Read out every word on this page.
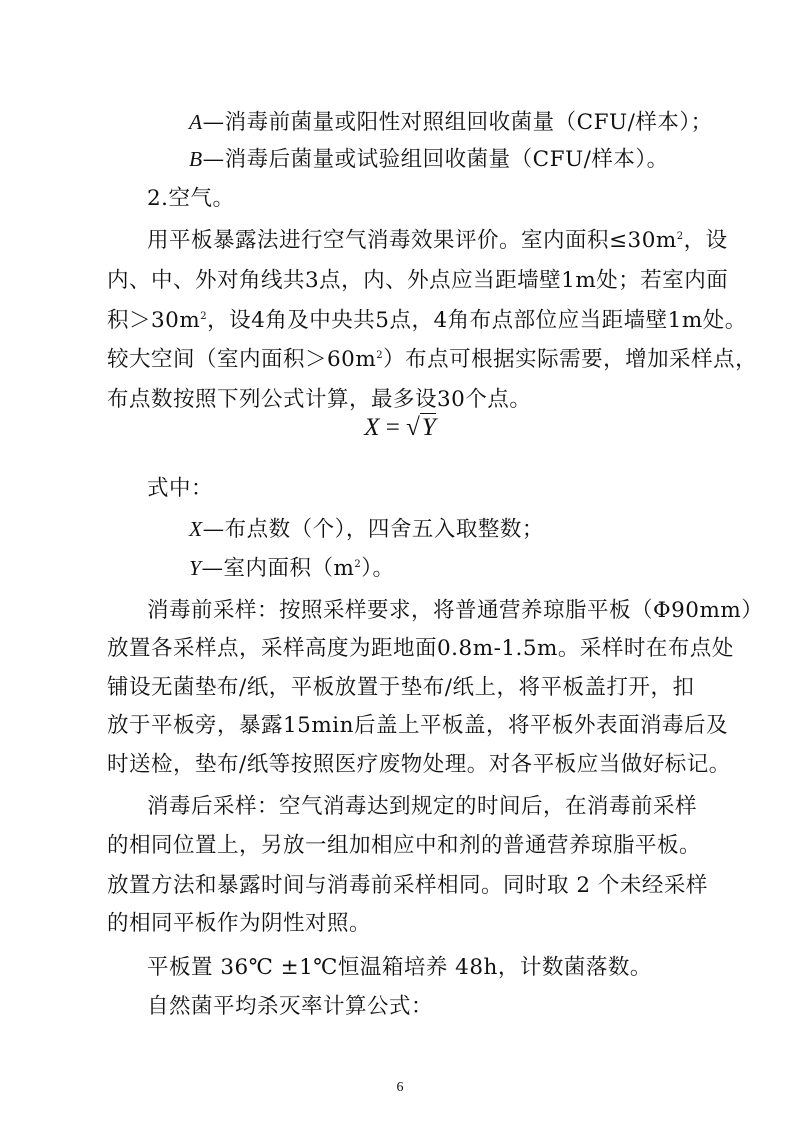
A—消毒前菌量或阳性对照组回收菌量（CFU/样本）；
B—消毒后菌量或试验组回收菌量（CFU/样本）。
2.空气。
用平板暴露法进行空气消毒效果评价。室内面积$\le 30m^2$，设
内、中、外对角线共3点，内、外点应当距墙壁1m处；若室内面
积$>30m^2$，设4角及中央共5点，4角布点部位应当距墙壁1m处。
较大空间（室内面积$>60m^2$）布点可根据实际需要，增加采样点，
布点数按照下列公式计算，最多设30个点。
X = √Y
式中：
X—布点数（个），四舍五入取整数；
Y—室内面积$(m^2)$。
消毒前采样：按照采样要求，将普通营养琼脂平板（Φ90mm）
放置各采样点，采样高度为距地面0.8m-1.5m。采样时在布点处
铺设无菌垫布/纸，平板放置于垫布/纸上，将平板盖打开，扣
放于平板旁，暴露15min后盖上平板盖，将平板外表面消毒后及
时送检，垫布/纸等按照医疗废物处理。对各平板应当做好标记。
消毒后采样：空气消毒达到规定的时间后，在消毒前采样
的相同位置上，另放一组加相应中和剂的普通营养琼脂平板。
放置方法和暴露时间与消毒前采样相同。同时取 2 个未经采样
的相同平板作为阴性对照。
平板置 36℃ ±1℃恒温箱培养 48h，计数菌落数。
自然菌平均杀灭率计算公式：
6
